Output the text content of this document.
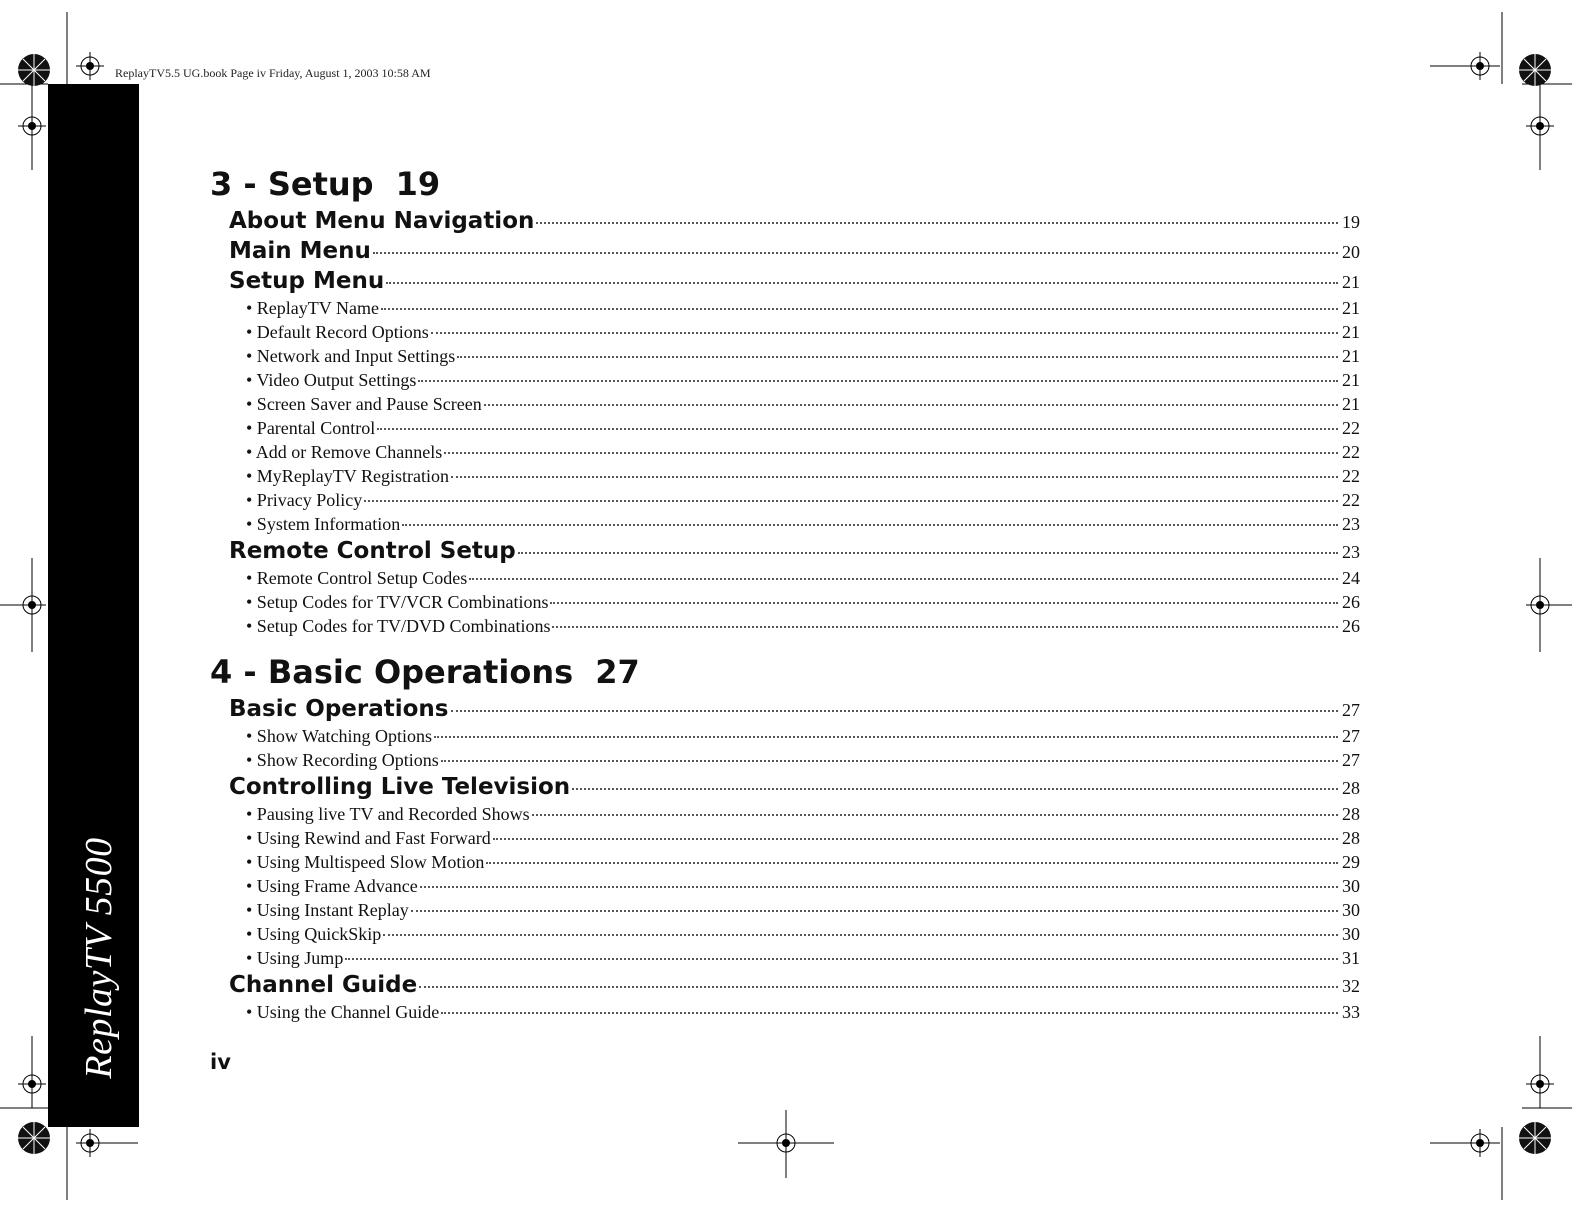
ReplayTV5.5 UG.book Page iv Friday, August 1, 2003 10:58 AM
ReplayTV 5500
3 - Setup 19
About Menu Navigation	19
Main Menu	20
Setup Menu	21
• ReplayTV Name	21
• Default Record Options	21
• Network and Input Settings	21
• Video Output Settings	21
• Screen Saver and Pause Screen	21
• Parental Control	22
• Add or Remove Channels	22
• MyReplayTV Registration	22
• Privacy Policy	22
• System Information	23
Remote Control Setup	23
• Remote Control Setup Codes	24
• Setup Codes for TV/VCR Combinations	26
• Setup Codes for TV/DVD Combinations	26
4 - Basic Operations 27
Basic Operations	27
• Show Watching Options	27
• Show Recording Options	27
Controlling Live Television	28
• Pausing live TV and Recorded Shows	28
• Using Rewind and Fast Forward	28
• Using Multispeed Slow Motion	29
• Using Frame Advance	30
• Using Instant Replay	30
• Using QuickSkip	30
• Using Jump	31
Channel Guide	32
• Using the Channel Guide	33
iv
